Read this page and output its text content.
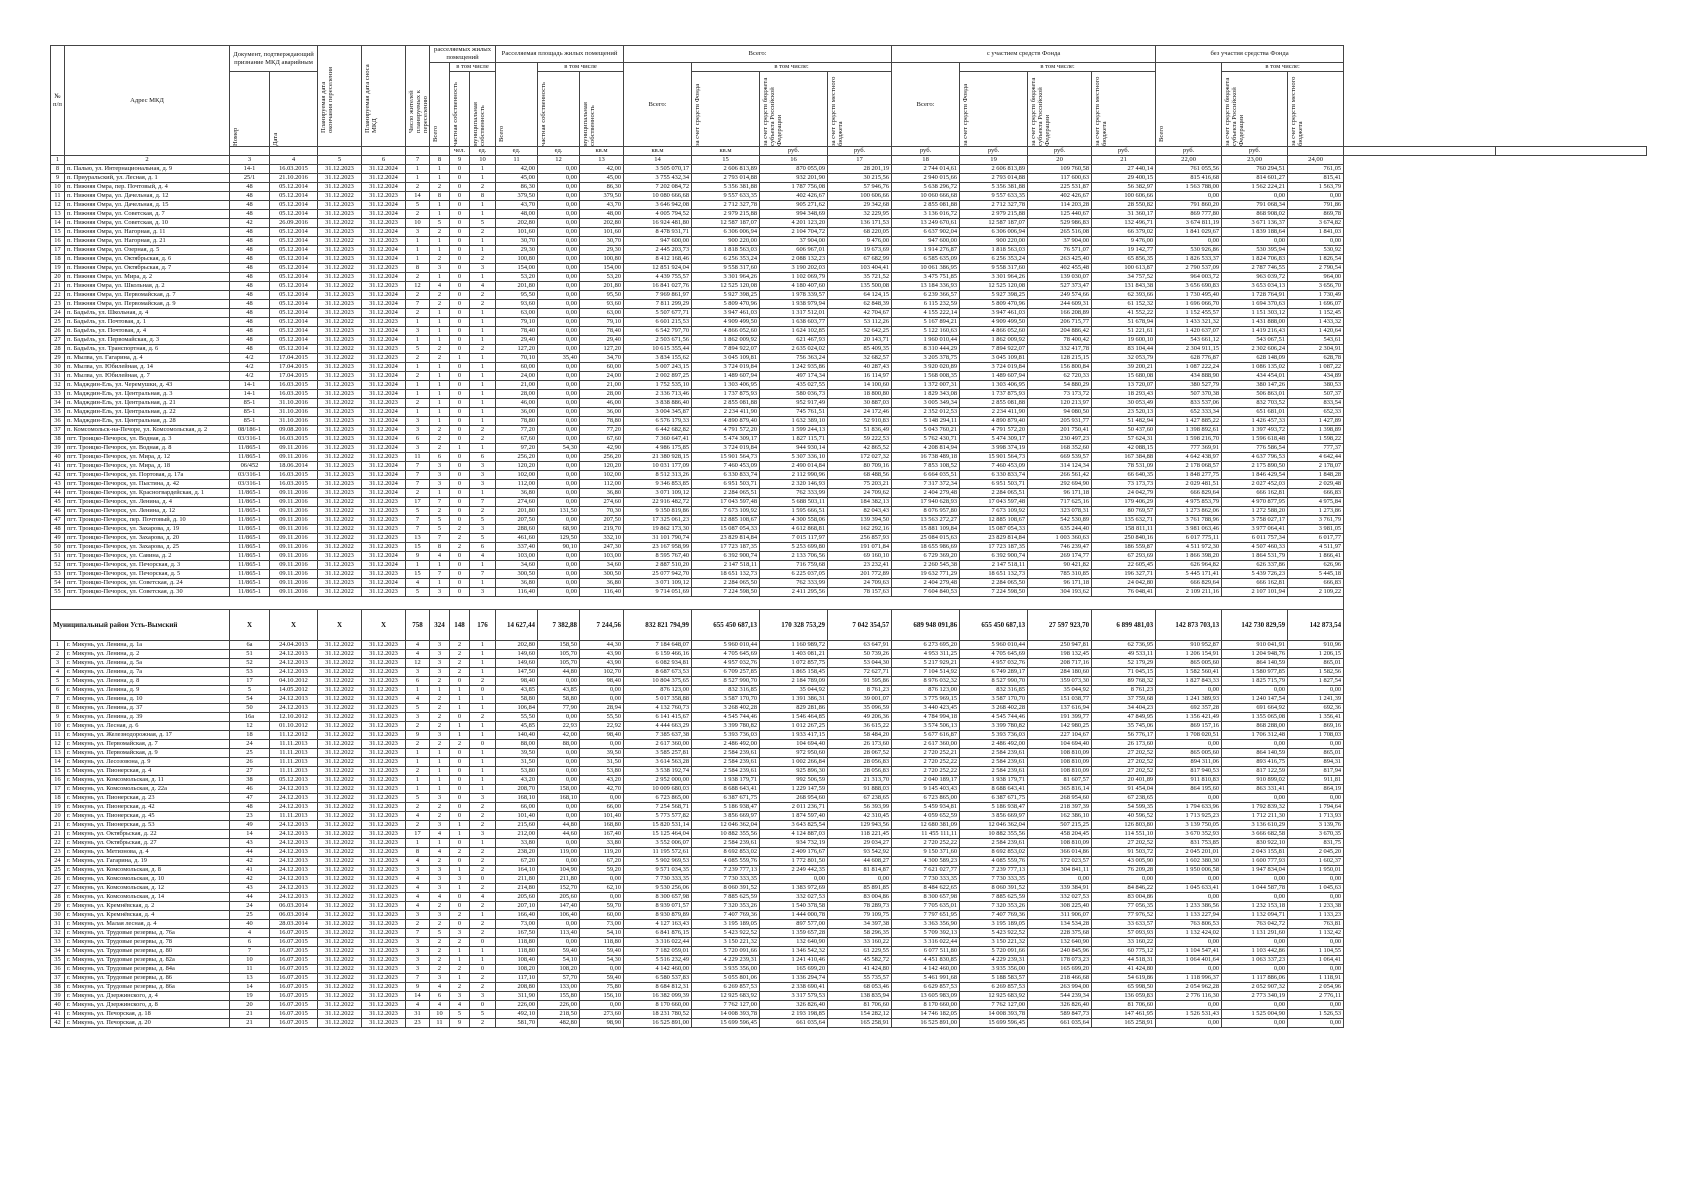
№ п/п	Адрес МКД	Документ, подтверждающий признание МКД аварийным		Планируемая дата окончания переселения	Планируемая дата сноса МКД	Число жителей планируемых к переселению	расселяемых жилых помещений			Расселяемая площадь жилых помещений			Всего:				с участием средств Фонда				без участия средства Фонда				

							Всего	в том числе		Всего	в том числе		Всего:	в том числе:			Всего:	в том числе:			Всего	в том числе:			

		Номер	Дата					частная собственность	муниципальная собственность		частная собственность	муниципальная собственность		за счет средств Фонда	за счет средств бюджета субъекта Российской Федерации	за счет средств местного бюджета		за счет средств Фонда	за счет средств бюджета субъекта Российской Федерации	за счет средств местного бюджета		за счет средств бюджета субъекта Российской Федерации	за счет средств местного бюджета		

								чел.	ед.	ед.	ед.	кв.м	кв.м	кв.м	руб.	руб.	руб.	руб.	руб.	руб.	руб.	руб.			
1	2	3	4	5	6	7	8	9	10	11	12	13	14	15	16	17	18	19	20	21	22,00	23,00	24,00		
8	п. Палью, ул. Интернациональная, д. 9	14-1	16.03.2015	31.12.2023	31.12.2024	1	1	0	1	42,00	0,00	42,00	3 505 070,17	2 606 813,89	870 055,09	28 201,19	2 744 014,61	2 606 813,89	109 760,58	27 440,14	761 055,56	760 294,51	761,05		
9	п. Приуральский, ул. Лесная, д. 1	25/1	21.10.2016	31.12.2023	31.12.2024	1	1	0	1	45,00	0,00	45,00	3 755 432,34	2 793 014,88	932 201,90	30 215,56	2 940 015,66	2 793 014,88	117 600,63	29 400,15	815 416,68	814 601,27	815,41		
10	п. Нижняя Омра, пер. Почтовый, д. 4	48	05.12.2014	31.12.2023	31.12.2024	2	2	0	2	86,30	0,00	86,30	7 202 084,72	5 356 381,88	1 787 756,08	57 946,76	5 638 296,72	5 356 381,88	225 531,87	56 382,97	1 563 788,00	1 562 224,21	1 563,79		
11	п. Нижняя Омра, ул. Дачельная, д. 12	48	05.12.2014	31.12.2022	31.12.2023	14	8	0	8	379,50	0,00	379,50	10 080 666,68	9 557 633,35	402 426,67	100 606,66	10 060 666,68	9 557 633,35	402 426,67	100 606,66	0,00	0,00	0,00		
12	п. Нижняя Омра, ул. Дачельная, д. 15	48	05.12.2014	31.12.2023	31.12.2024	5	1	0	1	43,70	0,00	43,70	3 646 942,08	2 712 327,78	905 271,62	29 342,68	2 855 081,88	2 712 327,78	114 203,28	28 550,82	791 860,20	791 068,34	791,86		
13	п. Нижняя Омра, ул. Советская, д. 7	48	05.12.2014	31.12.2023	31.12.2024	2	1	0	1	48,00	0,00	48,00	4 005 794,52	2 979 215,88	994 348,69	32 229,95	3 136 016,72	2 979 215,88	125 440,67	31 360,17	869 777,80	868 908,02	869,78		
14	п. Нижняя Омра, ул. Советская, д. 10	42	26.09.2016	31.12.2022	31.12.2023	10	5	0	5	202,80	0,00	202,80	16 924 481,80	12 587 187,07	4 201 123,20	136 171,53	13 249 670,61	12 587 187,07	529 986,83	132 496,71	3 674 811,19	3 671 136,37	3 674,82		
15	п. Нижняя Омра, ул. Нагорная, д. 11	48	05.12.2014	31.12.2023	31.12.2024	3	2	0	2	101,60	0,00	101,60	8 478 931,71	6 306 006,94	2 104 704,72	68 220,05	6 637 902,04	6 306 006,94	265 516,08	66 379,02	1 841 029,67	1 839 188,64	1 841,03		
16	п. Нижняя Омра, ул. Нагорная, д. 21	48	05.12.2014	31.12.2022	31.12.2023	1	1	0	1	30,70	0,00	30,70	947 600,00	900 220,00	37 904,00	9 476,00	947 600,00	900 220,00	37 904,00	9 476,00	0,00	0,00	0,00		
17	п. Нижняя Омра, ул. Озерная, д. 5	48	05.12.2014	31.12.2023	31.12.2024	1	1	0	1	29,30	0,00	29,30	2 445 203,73	1 818 563,03	606 967,01	19 673,69	1 914 276,87	1 818 563,03	76 571,07	19 142,77	530 926,86	530 395,94	530,92		
18	п. Нижняя Омра, ул. Октябрьская, д. 6	48	05.12.2014	31.12.2023	31.12.2024	1	2	0	2	100,80	0,00	100,80	8 412 168,46	6 256 353,24	2 088 132,23	67 682,99	6 585 635,09	6 256 353,24	263 425,40	65 856,35	1 826 533,37	1 824 706,83	1 826,54		
19	п. Нижняя Омра, ул. Октябрьская, д. 7	48	05.12.2014	31.12.2022	31.12.2023	8	3	0	3	154,00	0,00	154,00	12 851 924,04	9 558 317,60	3 190 202,03	103 404,41	10 061 386,95	9 558 317,60	402 455,48	100 613,87	2 790 537,09	2 787 746,55	2 790,54		
20	п. Нижняя Омра, ул. Мира, д. 2	48	05.12.2014	31.12.2023	31.12.2024	2	1	0	1	53,20	0,00	53,20	4 439 755,57	3 301 964,26	1 102 069,79	35 721,52	3 475 751,85	3 301 964,26	139 030,07	34 757,52	964 003,72	963 039,72	964,00		
21	п. Нижняя Омра, ул. Школьная, д. 2	48	05.12.2014	31.12.2022	31.12.2023	12	4	0	4	201,80	0,00	201,80	16 841 027,76	12 525 120,08	4 180 407,60	135 500,08	13 184 336,93	12 525 120,08	527 373,47	131 843,38	3 656 690,83	3 653 034,13	3 656,70		
22	п. Нижняя Омра, ул. Первомайская, д. 7	48	05.12.2014	31.12.2023	31.12.2024	2	2	0	2	95,50	0,00	95,50	7 969 861,97	5 927 398,25	1 978 339,57	64 124,15	6 239 366,57	5 927 398,25	249 574,66	62 393,66	1 730 495,40	1 728 764,91	1 730,49		
23	п. Нижняя Омра, ул. Первомайская, д. 9	48	05.12.2014	31.12.2023	31.12.2024	7	2	0	2	93,60	0,00	93,60	7 811 299,29	5 809 470,96	1 938 979,94	62 848,39	6 115 232,59	5 809 470,96	244 609,31	61 152,32	1 696 066,70	1 694 370,63	1 696,07		
24	п. Бадьёль, ул. Школьная, д. 4	48	05.12.2014	31.12.2023	31.12.2024	2	1	0	1	63,00	0,00	63,00	5 507 677,71	3 947 461,03	1 317 512,01	42 704,67	4 155 222,14	3 947 461,03	166 208,89	41 552,22	1 152 455,57	1 151 303,12	1 152,45		
25	п. Бадьёль, ул. Почтовая, д. 1	48	05.12.2014	31.12.2022	31.12.2023	1	1	0	1	79,10	0,00	79,10	6 601 215,53	4 909 499,50	1 638 603,77	53 112,26	5 167 894,21	4 909 499,50	206 715,77	51 678,94	1 433 321,32	1 431 888,00	1 433,32		
26	п. Бадьёль, ул. Почтовая, д. 4	48	05.12.2014	31.12.2023	31.12.2024	3	1	0	1	78,40	0,00	78,40	6 542 797,70	4 866 052,60	1 624 102,85	52 642,25	5 122 160,63	4 866 052,60	204 886,42	51 221,61	1 420 637,07	1 419 216,43	1 420,64		
27	п. Бадьёль, ул. Первомайская, д. 3	48	05.12.2014	31.12.2023	31.12.2024	1	1	0	1	29,40	0,00	29,40	2 503 671,56	1 862 009,92	621 467,93	20 143,71	1 960 010,44	1 862 009,92	78 400,42	19 600,10	543 661,12	543 067,51	543,61		
28	п. Бадьёль, ул. Транспортная, д. 6	48	05.12.2014	31.12.2022	31.12.2023	5	2	0	2	127,20	0,00	127,20	10 615 355,44	7 894 922,07	2 635 024,02	85 409,35	8 310 444,29	7 894 922,07	332 417,78	83 104,44	2 304 911,15	2 302 606,24	2 304,91		
29	п. Мылва, ул. Гагарина, д. 4	4/2	17.04.2015	31.12.2022	31.12.2023	2	2	1	1	70,10	35,40	34,70	3 834 155,62	3 045 109,81	756 363,24	32 682,57	3 205 378,75	3 045 109,81	128 215,15	32 053,79	628 776,87	628 148,09	628,78		
30	п. Мылва, ул. Юбилейная, д. 14	4/2	17.04.2015	31.12.2023	31.12.2024	1	1	0	1	60,00	0,00	60,00	5 007 243,15	3 724 019,84	1 242 935,86	40 287,43	3 920 020,89	3 724 019,84	156 800,84	39 200,21	1 087 222,24	1 086 135,02	1 087,22		
31	п. Мылва, ул. Юбилейная, д. 7	4/2	17.04.2015	31.12.2023	31.12.2024	2	1	0	1	24,00	0,00	24,00	2 002 897,25	1 489 607,94	497 174,34	16 114,97	1 568 008,35	1 489 607,94	62 720,33	15 680,08	434 888,90	434 454,01	434,89		
32	п. Мадждин-Ель, ул. Черемушки, д. 43	14-1	16.03.2015	31.12.2023	31.12.2024	1	1	0	1	21,00	0,00	21,00	1 752 535,10	1 303 406,95	435 027,55	14 100,60	1 372 007,31	1 303 406,95	54 880,29	13 720,07	380 527,79	380 147,26	380,53		
33	п. Мадждин-Ель, ул. Центральная, д. 3	14-1	16.03.2015	31.12.2023	31.12.2024	1	1	0	1	28,00	0,00	28,00	2 336 713,46	1 737 875,93	580 036,73	18 800,80	1 829 343,08	1 737 875,93	73 173,72	18 293,43	507 370,38	506 863,01	507,37		
34	п. Мадждин-Ель, ул. Центральная, д. 21	85-1	31.10.2016	31.12.2022	31.12.2023	2	1	0	1	46,00	0,00	46,00	3 838 886,40	2 855 081,88	952 917,49	30 887,03	3 005 349,34	2 855 081,88	120 213,97	30 053,49	833 537,06	832 703,52	833,54		
35	п. Мадждин-Ель, ул. Центральная, д. 22	85-1	31.10.2016	31.12.2023	31.12.2024	1	1	0	1	36,00	0,00	36,00	3 004 345,87	2 234 411,90	745 761,51	24 172,46	2 352 012,53	2 234 411,90	94 080,50	23 520,13	652 333,34	651 681,01	652,33		
36	п. Мадждин-Ель, ул. Центральная, д. 28	85-1	31.10.2016	31.12.2023	31.12.2024	3	1	0	1	78,80	0,00	78,80	6 576 179,33	4 890 879,40	1 632 389,10	52 910,83	5 148 294,11	4 890 879,40	205 931,77	51 482,94	1 427 885,22	1 426 457,33	1 427,89		
37	п. Комсомольск-на-Печоре, ул. Комсомольская, д. 2	08/186-1	09.08.2016	31.12.2023	31.12.2024	3	2	0	2	77,20	0,00	77,20	6 442 682,82	4 791 572,20	1 599 244,13	51 836,49	5 043 760,21	4 791 572,20	201 750,41	50 437,60	1 398 892,61	1 397 493,72	1 398,89		
38	пгт. Троицко-Печорск, ул. Водная, д. 3	03/316-1	16.03.2015	31.12.2023	31.12.2024	6	2	0	2	67,60	0,00	67,60	7 360 647,41	5 474 309,17	1 827 115,71	59 222,53	5 762 430,71	5 474 309,17	230 497,23	57 624,31	1 598 216,70	1 596 618,48	1 598,22		
39	пгт. Троицко-Печорск, ул. Водная, д. 8	11/865-1	09.11.2016	31.12.2023	31.12.2024	3	2	1	1	97,20	54,30	42,90	4 986 175,85	3 724 019,84	944 930,14	42 865,52	4 208 814,94	3 998 374,19	168 352,60	42 088,15	777 369,91	776 586,54	777,37		
40	пгт. Троицко-Печорск, ул. Мира, д. 12	11/865-1	09.11.2016	31.12.2022	31.12.2023	11	6	0	6	256,20	0,00	256,20	21 380 928,15	15 901 564,73	5 307 336,10	172 027,32	16 738 489,18	15 901 564,73	669 539,57	167 384,88	4 642 438,97	4 637 796,53	4 642,44		
41	пгт. Троицко-Печорск, ул. Мира, д. 18	06/452	18.06.2014	31.12.2023	31.12.2024	7	3	0	3	120,20	0,00	120,20	10 031 177,09	7 460 453,09	2 490 014,84	80 709,16	7 853 108,52	7 460 453,09	314 124,34	78 531,09	2 178 068,57	2 175 890,50	2 178,07		
42	пгт. Троицко-Печорск, ул. Портовая, д. 17а	03/316-1	16.03.2015	31.12.2023	31.12.2024	7	3	0	3	102,00	0,00	102,00	8 512 313,26	6 330 833,74	2 112 990,96	68 488,56	6 664 035,51	6 330 833,74	266 561,42	66 640,35	1 848 277,75	1 846 429,54	1 848,28		
43	пгт. Троицко-Печорск, ул. Пыстина, д. 42	03/316-1	16.03.2015	31.12.2023	31.12.2024	7	3	0	3	112,00	0,00	112,00	9 346 853,85	6 951 503,71	2 320 146,93	75 203,21	7 317 372,34	6 951 503,71	292 694,90	73 173,73	2 029 481,51	2 027 452,03	2 029,48		
44	пгт. Троицко-Печорск, ул. Красногвардейская, д. 1	11/865-1	09.11.2016	31.12.2023	31.12.2024	2	1	0	1	36,80	0,00	36,80	3 071 109,12	2 284 065,51	762 333,99	24 709,62	2 404 279,48	2 284 065,51	96 171,18	24 042,79	666 829,64	666 162,81	666,83		
45	пгт. Троицко-Печорск, ул. Ленина, д. 4	11/865-1	09.11.2016	31.12.2022	31.12.2023	17	7	0	7	274,60	0,00	274,60	22 916 482,72	17 043 597,48	5 688 503,11	184 382,13	17 940 628,93	17 043 597,48	717 625,16	179 406,29	4 975 853,79	4 970 877,95	4 975,84		
46	пгт. Троицко-Печорск, ул. Ленина, д. 12	11/865-1	09.11.2016	31.12.2022	31.12.2023	5	2	0	2	201,80	131,50	70,30	9 350 819,86	7 673 109,92	1 595 666,51	82 043,43	8 076 957,80	7 673 109,92	323 078,31	80 769,57	1 273 862,06	1 272 588,20	1 273,86		
47	пгт. Троицко-Печорск, пер. Почтовый, д. 10	11/865-1	09.11.2016	31.12.2022	31.12.2023	7	5	0	5	207,50	0,00	207,50	17 325 061,23	12 885 108,67	4 300 558,06	139 394,50	13 563 272,27	12 885 108,67	542 530,89	135 632,71	3 761 788,96	3 758 027,17	3 761,79		
48	пгт. Троицко-Печорск, ул. Захарова, д. 19	11/865-1	09.11.2016	31.12.2022	31.12.2023	7	5	2	3	288,60	68,90	219,70	19 862 173,30	15 087 054,33	4 612 868,81	162 292,16	15 881 109,84	15 087 054,33	635 244,40	158 811,11	3 981 063,46	3 977 064,41	3 981,05		
49	пгт. Троицко-Печорск, ул. Захарова, д. 20	11/865-1	09.11.2016	31.12.2022	31.12.2023	13	7	2	5	461,60	129,50	332,10	31 101 790,74	23 829 814,84	7 015 117,97	256 857,93	25 084 015,63	23 829 814,84	1 003 360,63	250 840,16	6 017 775,11	6 011 757,34	6 017,77		
50	пгт. Троицко-Печорск, ул. Захарова, д. 25	11/865-1	09.11.2016	31.12.2022	31.12.2023	15	8	2	6	337,40	90,10	247,30	23 167 958,99	17 723 187,35	5 253 699,80	191 071,84	18 655 986,69	17 723 187,35	746 239,47	186 559,87	4 511 972,30	4 507 460,33	4 511,97		
51	пгт. Троицко-Печорск, ул. Савина, д. 2	11/865-1	09.11.2016	31.12.2023	31.12.2024	9	4	0	4	103,00	0,00	103,00	8 595 767,40	6 392 900,74	2 133 706,56	69 160,10	6 729 369,20	6 392 900,74	269 174,77	67 293,69	1 866 398,20	1 864 531,79	1 866,41		
52	пгт. Троицко-Печорск, ул. Печорская, д. 3	11/865-1	09.11.2016	31.12.2023	31.12.2024	1	1	0	1	34,60	0,00	34,60	2 887 510,20	2 147 518,11	716 759,68	23 232,41	2 260 545,38	2 147 518,11	90 421,82	22 605,45	626 964,82	626 337,86	626,96		
53	пгт. Троицко-Печорск, ул. Печорская, д. 5	11/865-1	09.11.2016	31.12.2022	31.12.2023	15	7	0	7	300,50	0,00	300,50	25 077 942,70	18 651 132,73	6 225 037,05	201 772,89	19 632 771,29	18 651 132,73	785 310,85	196 327,71	5 445 171,41	5 439 726,23	5 445,18		
54	пгт. Троицко-Печорск, ул. Советская, д. 24	11/865-1	09.11.2016	31.12.2023	31.12.2024	4	1	0	1	36,80	0,00	36,80	3 071 109,12	2 284 065,50	762 333,99	24 709,63	2 404 279,48	2 284 065,50	96 171,18	24 042,80	666 829,64	666 162,81	666,83		
55	пгт. Троицко-Печорск, ул. Советская, д. 30	11/865-1	09.11.2016	31.12.2022	31.12.2023	5	3	0	3	116,40	0,00	116,40	9 714 051,69	7 224 598,50	2 411 295,56	78 157,63	7 604 840,53	7 224 598,50	304 193,62	76 048,41	2 109 211,16	2 107 101,94	2 109,22		

Муниципальный район Усть-Вымский		X	X	X	X	758	324	148	176	14 627,44	7 382,88	7 244,56	832 821 794,99	655 450 687,13	170 328 753,29	7 042 354,57	689 948 091,86	655 450 687,13	27 597 923,70	6 899 481,03	142 873 703,13	142 730 829,59	142 873,54		
1	г. Микунь, ул. Ленина, д. 1а	6а	24.04.2013	31.12.2022	31.12.2023	4	3	2	1	202,80	158,50	44,30	7 184 648,07	5 960 010,44	1 160 989,72	63 647,91	6 273 695,20	5 960 010,44	250 947,81	62 736,95	910 952,87	910 041,91	910,96		
2	г. Микунь, ул. Ленина, д. 2	51	24.12.2013	31.12.2022	31.12.2023	4	3	2	1	149,60	105,70	43,90	6 159 466,16	4 705 645,69	1 403 081,21	50 739,26	4 953 311,25	4 705 645,69	198 132,45	49 533,11	1 206 154,91	1 204 948,76	1 206,15		
3	г. Микунь, ул. Ленина, д. 5а	52	24.12.2013	31.12.2022	31.12.2023	12	3	2	1	149,60	105,70	43,90	6 082 934,81	4 957 032,76	1 072 857,75	53 044,30	5 217 929,21	4 957 032,76	208 717,16	52 179,29	865 005,60	864 140,59	865,01		
4	г. Микунь, ул. Ленина, д. 7а	53	24.12.2013	31.12.2022	31.12.2023	3	3	2	1	147,50	44,80	102,70	8 687 673,53	6 709 257,85	1 865 158,45	72 627,71	7 104 514,92	6 749 289,17	284 180,60	71 045,15	1 582 560,41	1 580 977,85	1 582,56		
5	г. Микунь, ул. Ленина, д. 8	17	04.10.2012	31.12.2022	31.12.2023	6	2	0	2	98,40	0,00	98,40	10 804 375,65	8 527 990,70	2 184 789,09	91 595,86	8 976 032,32	8 527 990,70	359 073,30	89 768,32	1 827 843,33	1 825 715,79	1 827,54		
6	г. Микунь, ул. Ленина, д. 9	5	14.05.2012	31.12.2022	31.12.2023	1	1	1	0	43,85	43,85	0,00	876 123,00	832 316,85	35 044,92	8 761,23	876 123,00	832 316,85	35 044,92	8 761,23	0,00	0,00	0,00		
7	г. Микунь, ул. Ленина, д. 10	54	24.12.2013	31.12.2022	31.12.2023	4	2	1	1	58,80	58,80	0,00	5 017 358,88	3 587 170,70	1 391 386,31	39 001,07	3 775 969,15	3 587 170,70	151 038,77	37 759,68	1 241 389,93	1 240 147,54	1 241,39		
8	г. Микунь, ул. Ленина, д. 37	50	24.12.2013	31.12.2022	31.12.2023	5	2	1	1	106,84	77,90	28,94	4 132 760,73	3 268 402,28	829 281,86	35 096,59	3 440 423,45	3 268 402,28	137 616,94	34 404,23	692 357,28	691 664,92	692,36		
9	г. Микунь, ул. Ленина, д. 39	16а	12.10.2012	31.12.2022	31.12.2023	3	2	0	2	55,50	0,00	55,50	6 141 415,67	4 545 744,46	1 546 464,85	49 206,36	4 784 994,18	4 545 744,46	191 399,77	47 849,95	1 356 421,49	1 355 065,08	1 356,41		
10	г. Микунь, ул. Лесная, д. 6	12	01.10.2012	31.12.2022	31.12.2023	2	2	1	1	45,85	22,93	22,92	4 444 663,29	3 399 780,82	1 012 267,25	36 615,22	3 574 506,13	3 399 780,82	142 980,25	35 745,06	869 157,16	868 288,00	869,16		
11	г. Микунь, ул. Железнодорожная, д. 17	18	11.12.2012	31.12.2022	31.12.2023	9	3	1	1	140,40	42,00	98,40	7 385 637,38	5 393 736,03	1 933 417,15	58 484,20	5 677 616,87	5 393 736,03	227 104,67	56 776,17	1 708 020,51	1 706 312,48	1 708,03		
12	г. Микунь, ул. Первомайская, д. 7	24	11.11.2013	31.12.2022	31.12.2023	2	2	2	0	88,00	88,00	0,00	2 617 360,00	2 486 492,00	104 694,40	26 173,60	2 617 360,00	2 486 492,00	104 694,40	26 173,60	0,00	0,00	0,00		
13	г. Микунь, ул. Первомайская, д. 9	25	11.11.2013	31.12.2022	31.12.2023	1	1	0	1	39,50	0,00	39,50	3 585 257,81	2 584 239,61	972 950,60	28 067,52	2 720 252,21	2 584 239,61	108 810,09	27 202,52	865 005,60	864 140,59	865,01		
14	г. Микунь, ул. Лесозовона, д. 9	26	11.11.2013	31.12.2022	31.12.2023	1	1	0	1	31,50	0,00	31,50	3 614 563,28	2 584 239,61	1 002 266,84	28 056,83	2 720 252,22	2 584 239,61	108 810,09	27 202,52	894 311,06	893 416,75	894,31		
15	г. Микунь, ул. Пионерская, д. 4	27	11.11.2013	31.12.2022	31.12.2023	2	1	0	1	53,80	0,00	53,80	3 538 192,74	2 584 239,61	925 896,30	28 056,83	2 720 252,22	2 584 239,61	108 810,09	27 202,52	817 940,53	817 122,59	817,94		
16	г. Микунь, ул. Комсомольская, д. 11	38	05.12.2013	31.12.2022	31.12.2023	1	1	0	1	43,20	0,00	43,20	2 952 000,00	1 938 179,71	992 506,59	21 313,70	2 040 189,17	1 938 179,71	81 607,57	20 401,89	911 810,83	910 899,02	911,81		
17	г. Микунь, ул. Комсомольская, д. 22а	46	24.12.2013	31.12.2022	31.12.2023	1	1	0	1	208,70	158,00	42,70	10 009 680,03	8 688 643,41	1 229 147,59	91 888,03	9 145 403,43	8 688 643,41	365 816,14	91 454,04	864 195,60	863 331,41	864,19		
18	г. Микунь, ул. Пионерская, д. 23	47	24.12.2013	31.12.2022	31.12.2023	5	3	0	3	168,10	168,10	0,00	6 723 865,00	6 387 671,75	268 954,60	67 238,65	6 723 865,00	6 387 671,75	268 954,60	67 238,65	0,00	0,00	0,00		
19	г. Микунь, ул. Пионерская, д. 42	48	24.12.2013	31.12.2022	31.12.2023	2	2	0	2	66,00	0,00	66,00	7 254 568,71	5 186 938,47	2 011 236,71	56 393,99	5 459 934,81	5 186 938,47	218 397,39	54 599,35	1 794 633,96	1 792 839,32	1 794,64		
20	г. Микунь, ул. Пионерская, д. 45	23	11.11.2013	31.12.2022	31.12.2023	4	2	0	2	101,40	0,00	101,40	5 773 577,82	3 856 669,97	1 874 597,40	42 310,45	4 059 652,59	3 856 669,97	162 386,10	40 596,52	1 713 925,23	1 712 211,30	1 713,93		
21	г. Микунь, ул. Пионерская, д. 53	49	24.12.2013	31.12.2022	31.12.2023	2	3	1	2	215,60	44,80	168,80	15 820 531,14	12 046 362,04	3 643 825,54	129 943,56	12 680 381,09	12 046 362,04	507 215,25	126 803,80	3 139 750,05	3 136 610,29	3 139,76		
21	г. Микунь, ул. Октябрьская, д. 22	14	24.12.2013	31.12.2022	31.12.2023	17	4	1	3	212,00	44,60	167,40	15 125 464,04	10 882 355,56	4 124 887,03	118 221,45	11 455 111,11	10 882 355,56	458 204,45	114 551,10	3 670 352,93	3 666 682,58	3 670,35		
22	г. Микунь, ул. Октябрьская, д. 27	43	24.12.2013	31.12.2022	31.12.2023	1	1	0	1	33,80	0,00	33,80	3 552 006,07	2 584 239,61	934 732,19	29 034,27	2 720 252,22	2 584 239,61	108 810,09	27 202,52	831 753,85	830 922,10	831,75		
23	г. Микунь, ул. Метизнова, д. 4	44	24.12.2013	31.12.2022	31.12.2023	8	4	2	2	238,20	119,00	119,20	11 195 572,61	8 692 853,02	2 409 176,67	93 542,92	9 150 371,60	8 692 853,02	366 014,86	91 503,72	2 045 201,01	2 043 155,81	2 045,20		
24	г. Микунь, ул. Гагарина, д. 19	42	24.12.2013	31.12.2022	31.12.2023	4	2	0	2	67,20	0,00	67,20	5 902 969,53	4 085 559,76	1 772 801,50	44 608,27	4 300 589,23	4 085 559,76	172 023,57	43 005,90	1 602 380,30	1 600 777,93	1 602,37		
25	г. Микунь, ул. Комсомольская, д. 8	41	24.12.2013	31.12.2022	31.12.2023	3	3	1	2	164,10	104,90	59,20	9 571 034,35	7 239 777,13	2 249 442,35	81 814,87	7 621 027,77	7 239 777,13	304 841,11	76 209,28	1 950 006,58	1 947 834,04	1 950,01		
26	г. Микунь, ул. Комсомольская, д. 10	42	24.12.2013	31.12.2022	31.12.2023	4	3	3	0	211,80	211,80	0,00	7 730 333,35	7 730 333,35	0,00	0,00	7 730 333,35	7 730 333,35	0,00	0,00	0,00	0,00	0,00		
27	г. Микунь, ул. Комсомольская, д. 12	43	24.12.2013	31.12.2022	31.12.2023	4	3	1	2	214,80	152,70	62,10	9 530 256,06	8 060 391,52	1 383 972,69	85 891,85	8 484 622,65	8 060 391,52	339 384,91	84 846,22	1 045 633,41	1 044 587,78	1 045,63		
28	г. Микунь, ул. Комсомольская, д. 14	44	24.12.2013	31.12.2022	31.12.2023	4	4	0	4	205,60	205,60	0,00	8 300 657,98	7 885 625,59	332 027,53	83 004,86	8 300 657,98	7 885 625,59	332 027,53	83 004,86	0,00	0,00	0,00		
29	г. Микунь, ул. Кремнёвская, д. 2	24	06.03.2014	31.12.2022	31.12.2023	4	2	0	2	207,10	147,40	59,70	8 939 071,57	7 320 353,26	1 540 378,58	78 289,73	7 705 635,01	7 320 353,26	308 225,40	77 056,35	1 233 386,56	1 232 153,18	1 233,38		
30	г. Микунь, ул. Кремнёвская, д. 4	25	06.03.2014	31.12.2022	31.12.2023	3	3	2	1	166,40	106,40	60,00	8 930 879,89	7 407 769,36	1 444 000,78	79 109,75	7 797 651,95	7 407 769,36	311 906,07	77 976,52	1 133 227,94	1 132 094,71	1 133,23		
31	г. Микунь, ул. Малая лесная, д. 4	40	28.03.2014	31.12.2022	31.12.2023	2	2	0	2	73,00	0,00	73,00	4 127 163,43	3 195 189,05	897 577,00	34 397,38	3 363 356,90	3 195 189,05	134 534,28	33 633,57	763 806,53	763 042,72	763,81		
32	г. Микунь, ул. Трудовые резервы, д. 76а	4	16.07.2015	31.12.2022	31.12.2023	7	5	3	2	167,50	113,40	54,10	6 841 876,15	5 423 922,52	1 359 657,28	58 296,35	5 709 392,13	5 423 922,52	228 375,68	57 093,93	1 132 424,02	1 131 291,60	1 132,42		
33	г. Микунь, ул. Трудовые резервы, д. 78	6	16.07.2015	31.12.2022	31.12.2023	3	2	2	0	118,80	0,00	118,80	3 316 022,44	3 150 221,32	132 640,90	33 160,22	3 316 022,44	3 150 221,32	132 640,90	33 160,22	0,00	0,00	0,00		
34	г. Микунь, ул. Трудовые резервы, д. 80	7	16.07.2015	31.12.2022	31.12.2023	3	2	1	1	118,80	59,40	59,40	7 182 059,01	5 720 091,66	1 346 542,32	61 229,55	6 077 511,80	5 720 091,66	240 845,96	60 775,12	1 104 547,41	1 103 442,86	1 104,55		
35	г. Микунь, ул. Трудовые резервы, д. 82а	10	16.07.2015	31.12.2022	31.12.2023	3	2	1	1	108,40	54,10	54,30	5 516 232,49	4 229 239,31	1 241 410,46	45 582,72	4 451 830,85	4 229 239,31	178 073,23	44 518,31	1 064 401,64	1 063 337,23	1 064,41		
36	г. Микунь, ул. Трудовые резервы, д. 84а	11	16.07.2015	31.12.2022	31.12.2023	3	2	2	0	108,20	108,20	0,00	4 142 460,00	3 935 356,00	165 699,20	41 424,80	4 142 460,00	3 935 356,00	165 699,20	41 424,80	0,00	0,00	0,00		
37	г. Микунь, ул. Трудовые резервы, д. 86	13	16.07.2015	31.12.2022	31.12.2023	7	3	1	2	117,10	57,70	59,40	6 580 537,83	5 055 801,06	1 336 294,74	55 735,57	5 461 991,68	5 188 583,57	218 466,68	54 619,86	1 118 996,37	1 117 886,06	1 118,91		
38	г. Микунь, ул. Трудовые резервы, д. 86а	14	16.07.2015	31.12.2022	31.12.2023	9	4	2	2	208,80	133,00	75,80	8 684 812,31	6 269 857,53	2 338 690,41	68 053,46	6 629 857,53	6 269 857,53	263 994,00	65 998,50	2 054 962,28	2 052 907,32	2 054,96		
39	г. Микунь, ул. Дзержинского, д. 4	19	16.07.2015	31.12.2022	31.12.2023	14	6	3	3	311,90	155,80	156,10	16 382 099,39	12 925 683,92	3 317 579,53	138 835,94	13 605 983,09	12 925 683,92	544 239,34	136 059,83	2 776 116,30	2 773 340,19	2 776,11		
40	г. Микунь, ул. Дзержинского, д. 8	20	16.07.2015	31.12.2022	31.12.2023	4	4	4	0	226,00	226,00	0,00	8 170 660,00	7 762 127,00	326 826,40	81 706,60	8 170 660,00	7 762 127,00	326 826,40	81 706,60	0,00	0,00	0,00		
41	г. Микунь, ул. Печорская, д. 18	21	16.07.2015	31.12.2022	31.12.2023	31	10	5	5	492,10	218,50	273,60	18 231 780,52	14 008 393,78	2 193 198,85	154 282,12	14 746 182,05	14 008 393,78	589 847,73	147 461,95	1 526 531,43	1 525 004,90	1 526,53		
42	г. Микунь, ул. Печорская, д. 20	21	16.07.2015	31.12.2022	31.12.2023	23	11	9	2	581,70	482,80	98,90	16 525 891,00	15 699 596,45	661 035,64	165 258,91	16 525 891,00	15 699 596,45	661 035,64	165 258,91	0,00	0,00	0,00		
